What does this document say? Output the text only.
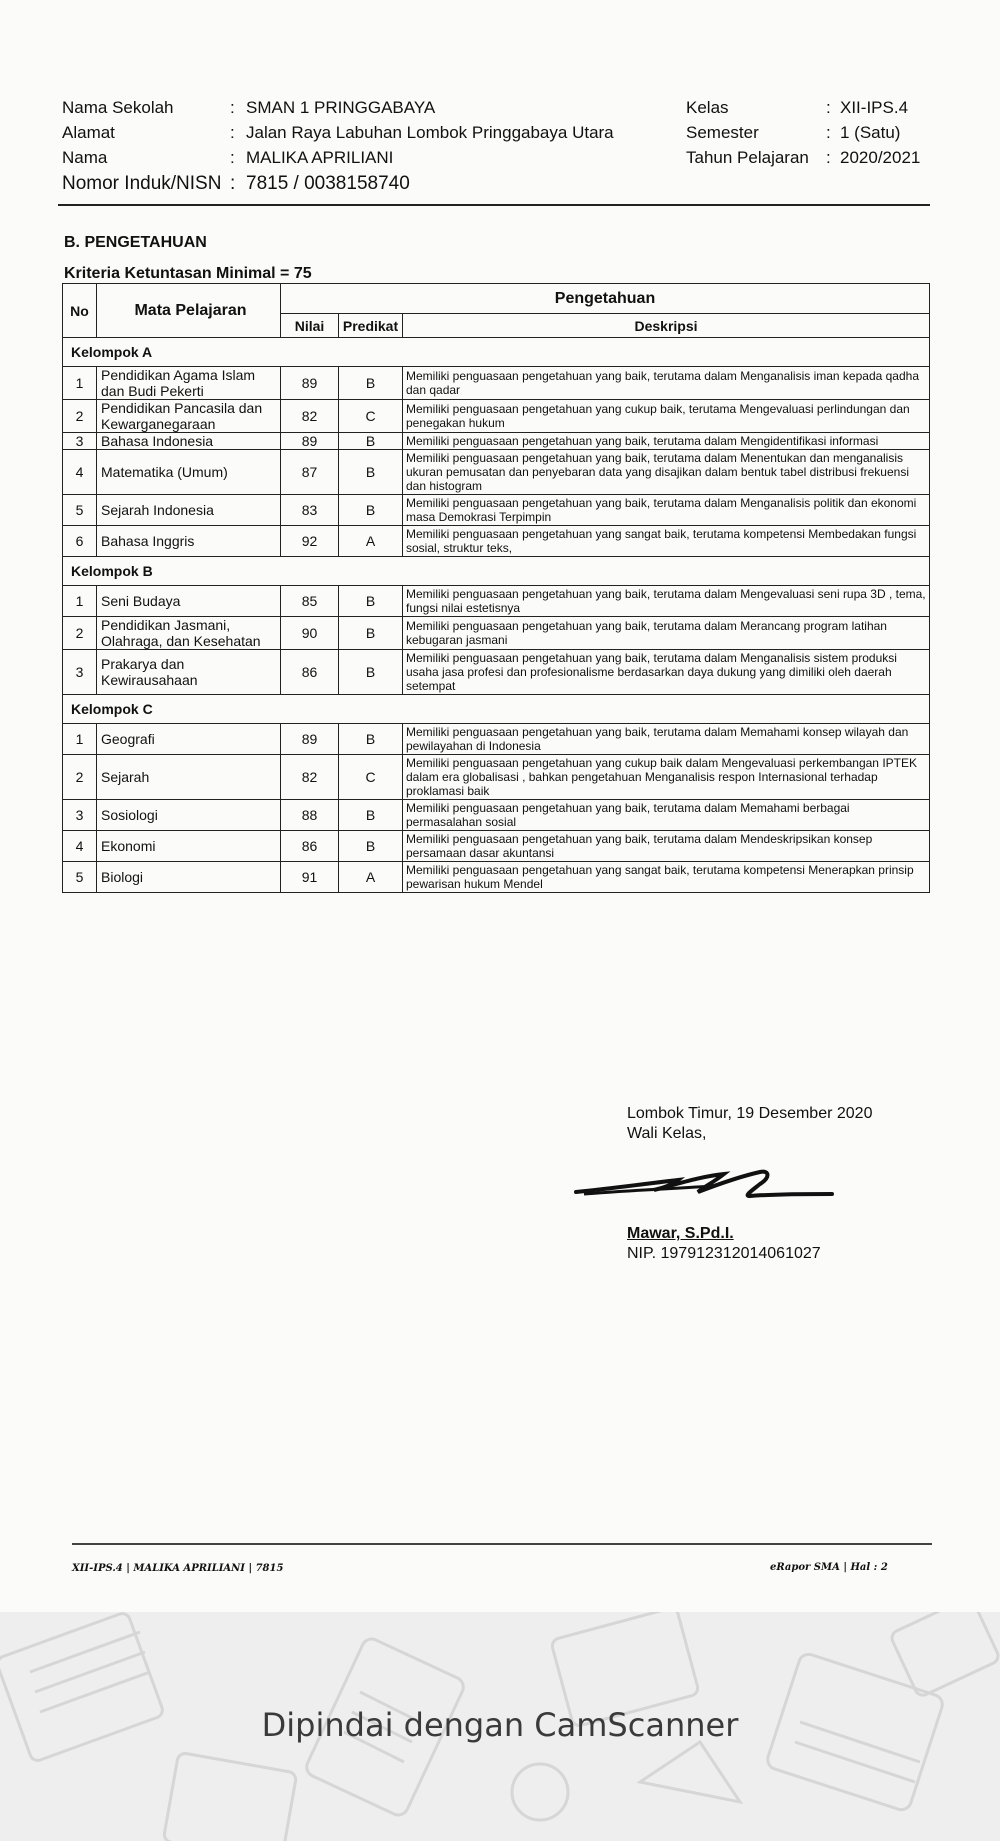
Nama Sekolah	: SMAN 1 PRINGGABAYA
Alamat	: Jalan Raya Labuhan Lombok Pringgabaya Utara
Nama	: MALIKA APRILIANI
Nomor Induk/NISN : 7815 / 0038158740
Kelas	: XII-IPS.4
Semester	: 1 (Satu)
Tahun Pelajaran	: 2020/2021
B. PENGETAHUAN
Kriteria Ketuntasan Minimal = 75
No	Mata Pelajaran	Pengetahuan		
		Nilai	Predikat	Deskripsi
Kelompok A				
1	Pendidikan Agama Islam dan Budi Pekerti	89	B	Memiliki penguasaan pengetahuan yang baik, terutama dalam Menganalisis iman kepada qadha dan qadar
2	Pendidikan Pancasila dan Kewarganegaraan	82	C	Memiliki penguasaan pengetahuan yang cukup baik, terutama Mengevaluasi perlindungan dan penegakan hukum
3	Bahasa Indonesia	89	B	Memiliki penguasaan pengetahuan yang baik, terutama dalam Mengidentifikasi informasi
4	Matematika (Umum)	87	B	Memiliki penguasaan pengetahuan yang baik, terutama dalam Menentukan dan menganalisis ukuran pemusatan dan penyebaran data yang disajikan dalam bentuk tabel distribusi frekuensi dan histogram
5	Sejarah Indonesia	83	B	Memiliki penguasaan pengetahuan yang baik, terutama dalam Menganalisis politik dan ekonomi masa Demokrasi Terpimpin
6	Bahasa Inggris	92	A	Memiliki penguasaan pengetahuan yang sangat baik, terutama kompetensi Membedakan fungsi sosial, struktur teks,
Kelompok B				
1	Seni Budaya	85	B	Memiliki penguasaan pengetahuan yang baik, terutama dalam Mengevaluasi seni rupa 3D , tema, fungsi nilai estetisnya
2	Pendidikan Jasmani, Olahraga, dan Kesehatan	90	B	Memiliki penguasaan pengetahuan yang baik, terutama dalam Merancang program latihan kebugaran jasmani
3	Prakarya dan Kewirausahaan	86	B	Memiliki penguasaan pengetahuan yang baik, terutama dalam Menganalisis sistem produksi usaha jasa profesi dan profesionalisme berdasarkan daya dukung yang dimiliki oleh daerah setempat
Kelompok C				
1	Geografi	89	B	Memiliki penguasaan pengetahuan yang baik, terutama dalam Memahami konsep wilayah dan pewilayahan di Indonesia
2	Sejarah	82	C	Memiliki penguasaan pengetahuan yang cukup baik dalam Mengevaluasi perkembangan IPTEK dalam era globalisasi , bahkan pengetahuan Menganalisis respon Internasional terhadap proklamasi baik
3	Sosiologi	88	B	Memiliki penguasaan pengetahuan yang baik, terutama dalam Memahami berbagai permasalahan sosial
4	Ekonomi	86	B	Memiliki penguasaan pengetahuan yang baik, terutama dalam Mendeskripsikan konsep persamaan dasar akuntansi
5	Biologi	91	A	Memiliki penguasaan pengetahuan yang sangat baik, terutama kompetensi Menerapkan prinsip pewarisan hukum Mendel
Lombok Timur, 19 Desember 2020
Wali Kelas,
Mawar, S.Pd.I.
NIP. 197912312014061027
XII-IPS.4 | MALIKA APRILIANI | 7815	eRapor SMA | Hal : 2
Dipindai dengan CamScanner
